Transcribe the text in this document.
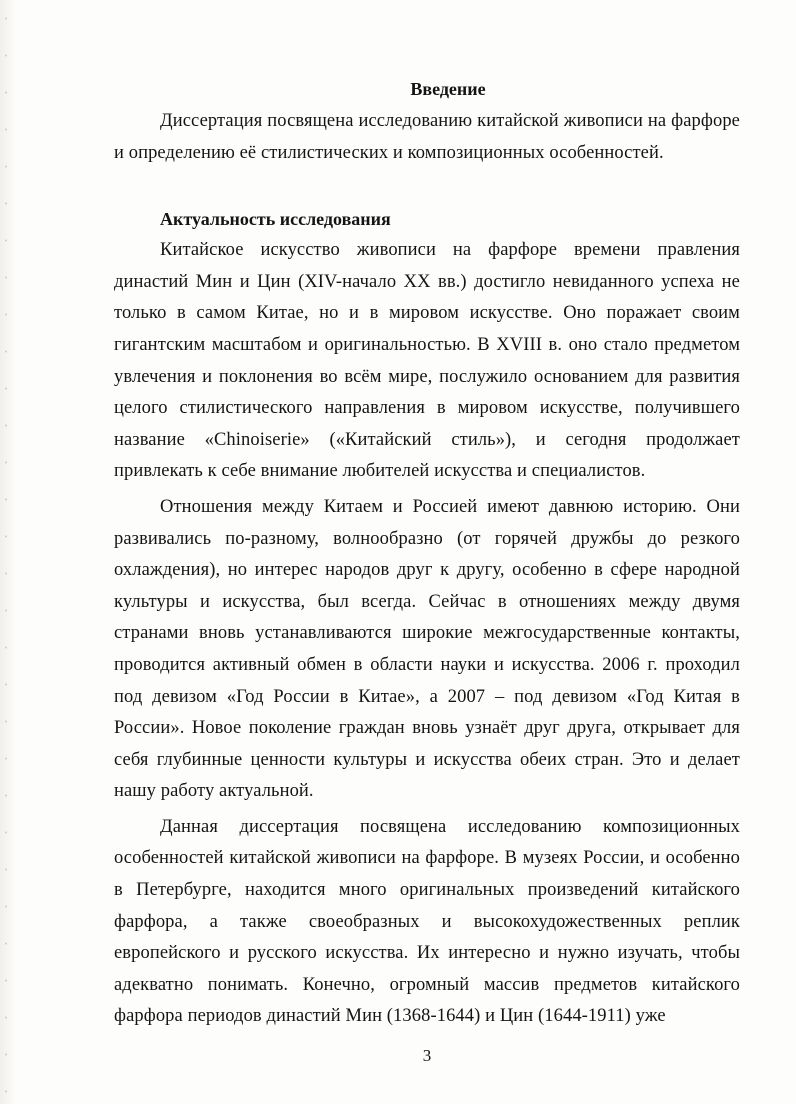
Введение

Диссертация посвящена исследованию китайской живописи на фарфоре и определению её стилистических и композиционных особенностей.

Актуальность исследования

Китайское искусство живописи на фарфоре времени правления династий Мин и Цин (XIV-начало XX вв.) достигло невиданного успеха не только в самом Китае, но и в мировом искусстве. Оно поражает своим гигантским масштабом и оригинальностью. В XVIII в. оно стало предметом увлечения и поклонения во всём мире, послужило основанием для развития целого стилистического направления в мировом искусстве, получившего название «Chinoiserie» («Китайский стиль»), и сегодня продолжает привлекать к себе внимание любителей искусства и специалистов.

Отношения между Китаем и Россией имеют давнюю историю. Они развивались по-разному, волнообразно (от горячей дружбы до резкого охлаждения), но интерес народов друг к другу, особенно в сфере народной культуры и искусства, был всегда. Сейчас в отношениях между двумя странами вновь устанавливаются широкие межгосударственные контакты, проводится активный обмен в области науки и искусства. 2006 г. проходил под девизом «Год России в Китае», а 2007 – под девизом «Год Китая в России». Новое поколение граждан вновь узнаёт друг друга, открывает для себя глубинные ценности культуры и искусства обеих стран. Это и делает нашу работу актуальной.

Данная диссертация посвящена исследованию композиционных особенностей китайской живописи на фарфоре. В музеях России, и особенно в Петербурге, находится много оригинальных произведений китайского фарфора, а также своеобразных и высокохудожественных реплик европейского и русского искусства. Их интересно и нужно изучать, чтобы адекватно понимать. Конечно, огромный массив предметов китайского фарфора периодов династий Мин (1368-1644) и Цин (1644-1911) уже

3
